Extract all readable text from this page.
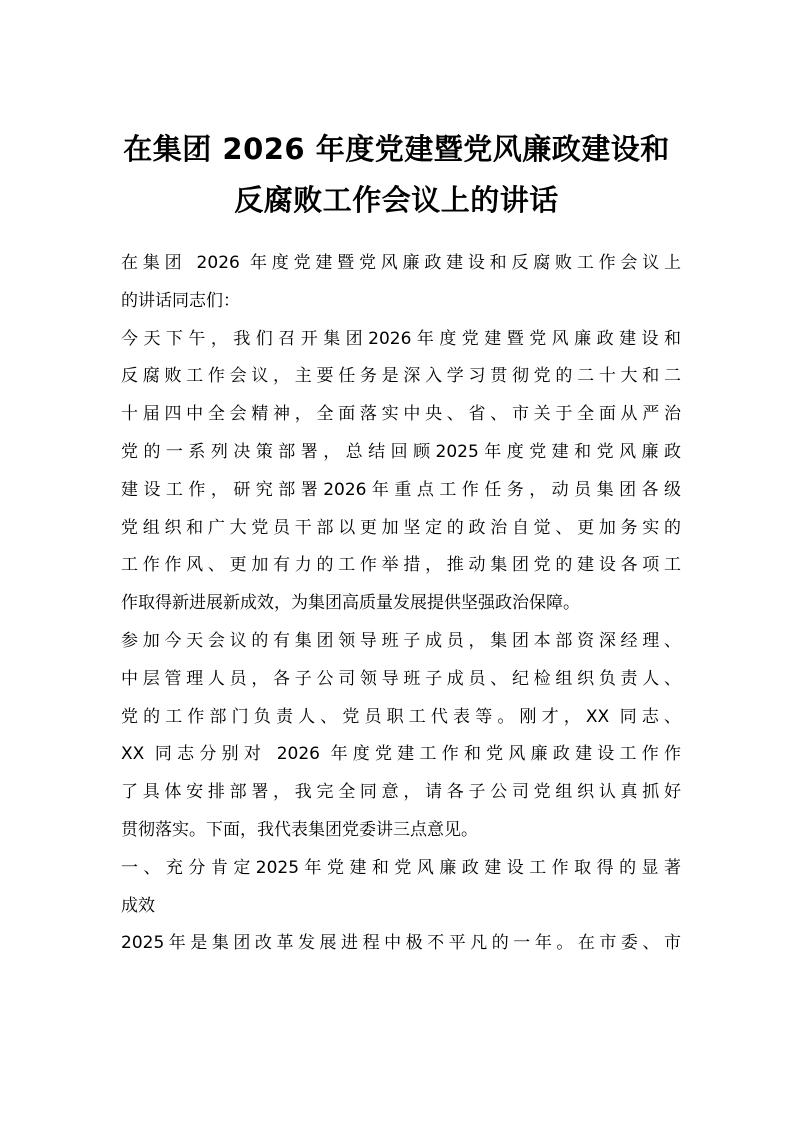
在集团 2026 年度党建暨党风廉政建设和
反腐败工作会议上的讲话
在集团 2026 年度党建暨党风廉政建设和反腐败工作会议上
的讲话同志们：
今天下午，我们召开集团2026年度党建暨党风廉政建设和
反腐败工作会议，主要任务是深入学习贯彻党的二十大和二
十届四中全会精神，全面落实中央、省、市关于全面从严治
党的一系列决策部署，总结回顾2025年度党建和党风廉政
建设工作，研究部署2026年重点工作任务，动员集团各级
党组织和广大党员干部以更加坚定的政治自觉、更加务实的
工作作风、更加有力的工作举措，推动集团党的建设各项工
作取得新进展新成效，为集团高质量发展提供坚强政治保障。
参加今天会议的有集团领导班子成员，集团本部资深经理、
中层管理人员，各子公司领导班子成员、纪检组织负责人、
党的工作部门负责人、党员职工代表等。刚才，XX 同志、
XX 同志分别对 2026 年度党建工作和党风廉政建设工作作
了具体安排部署，我完全同意，请各子公司党组织认真抓好
贯彻落实。下面，我代表集团党委讲三点意见。
一、充分肯定2025年党建和党风廉政建设工作取得的显著
成效
2025年是集团改革发展进程中极不平凡的一年。在市委、市
